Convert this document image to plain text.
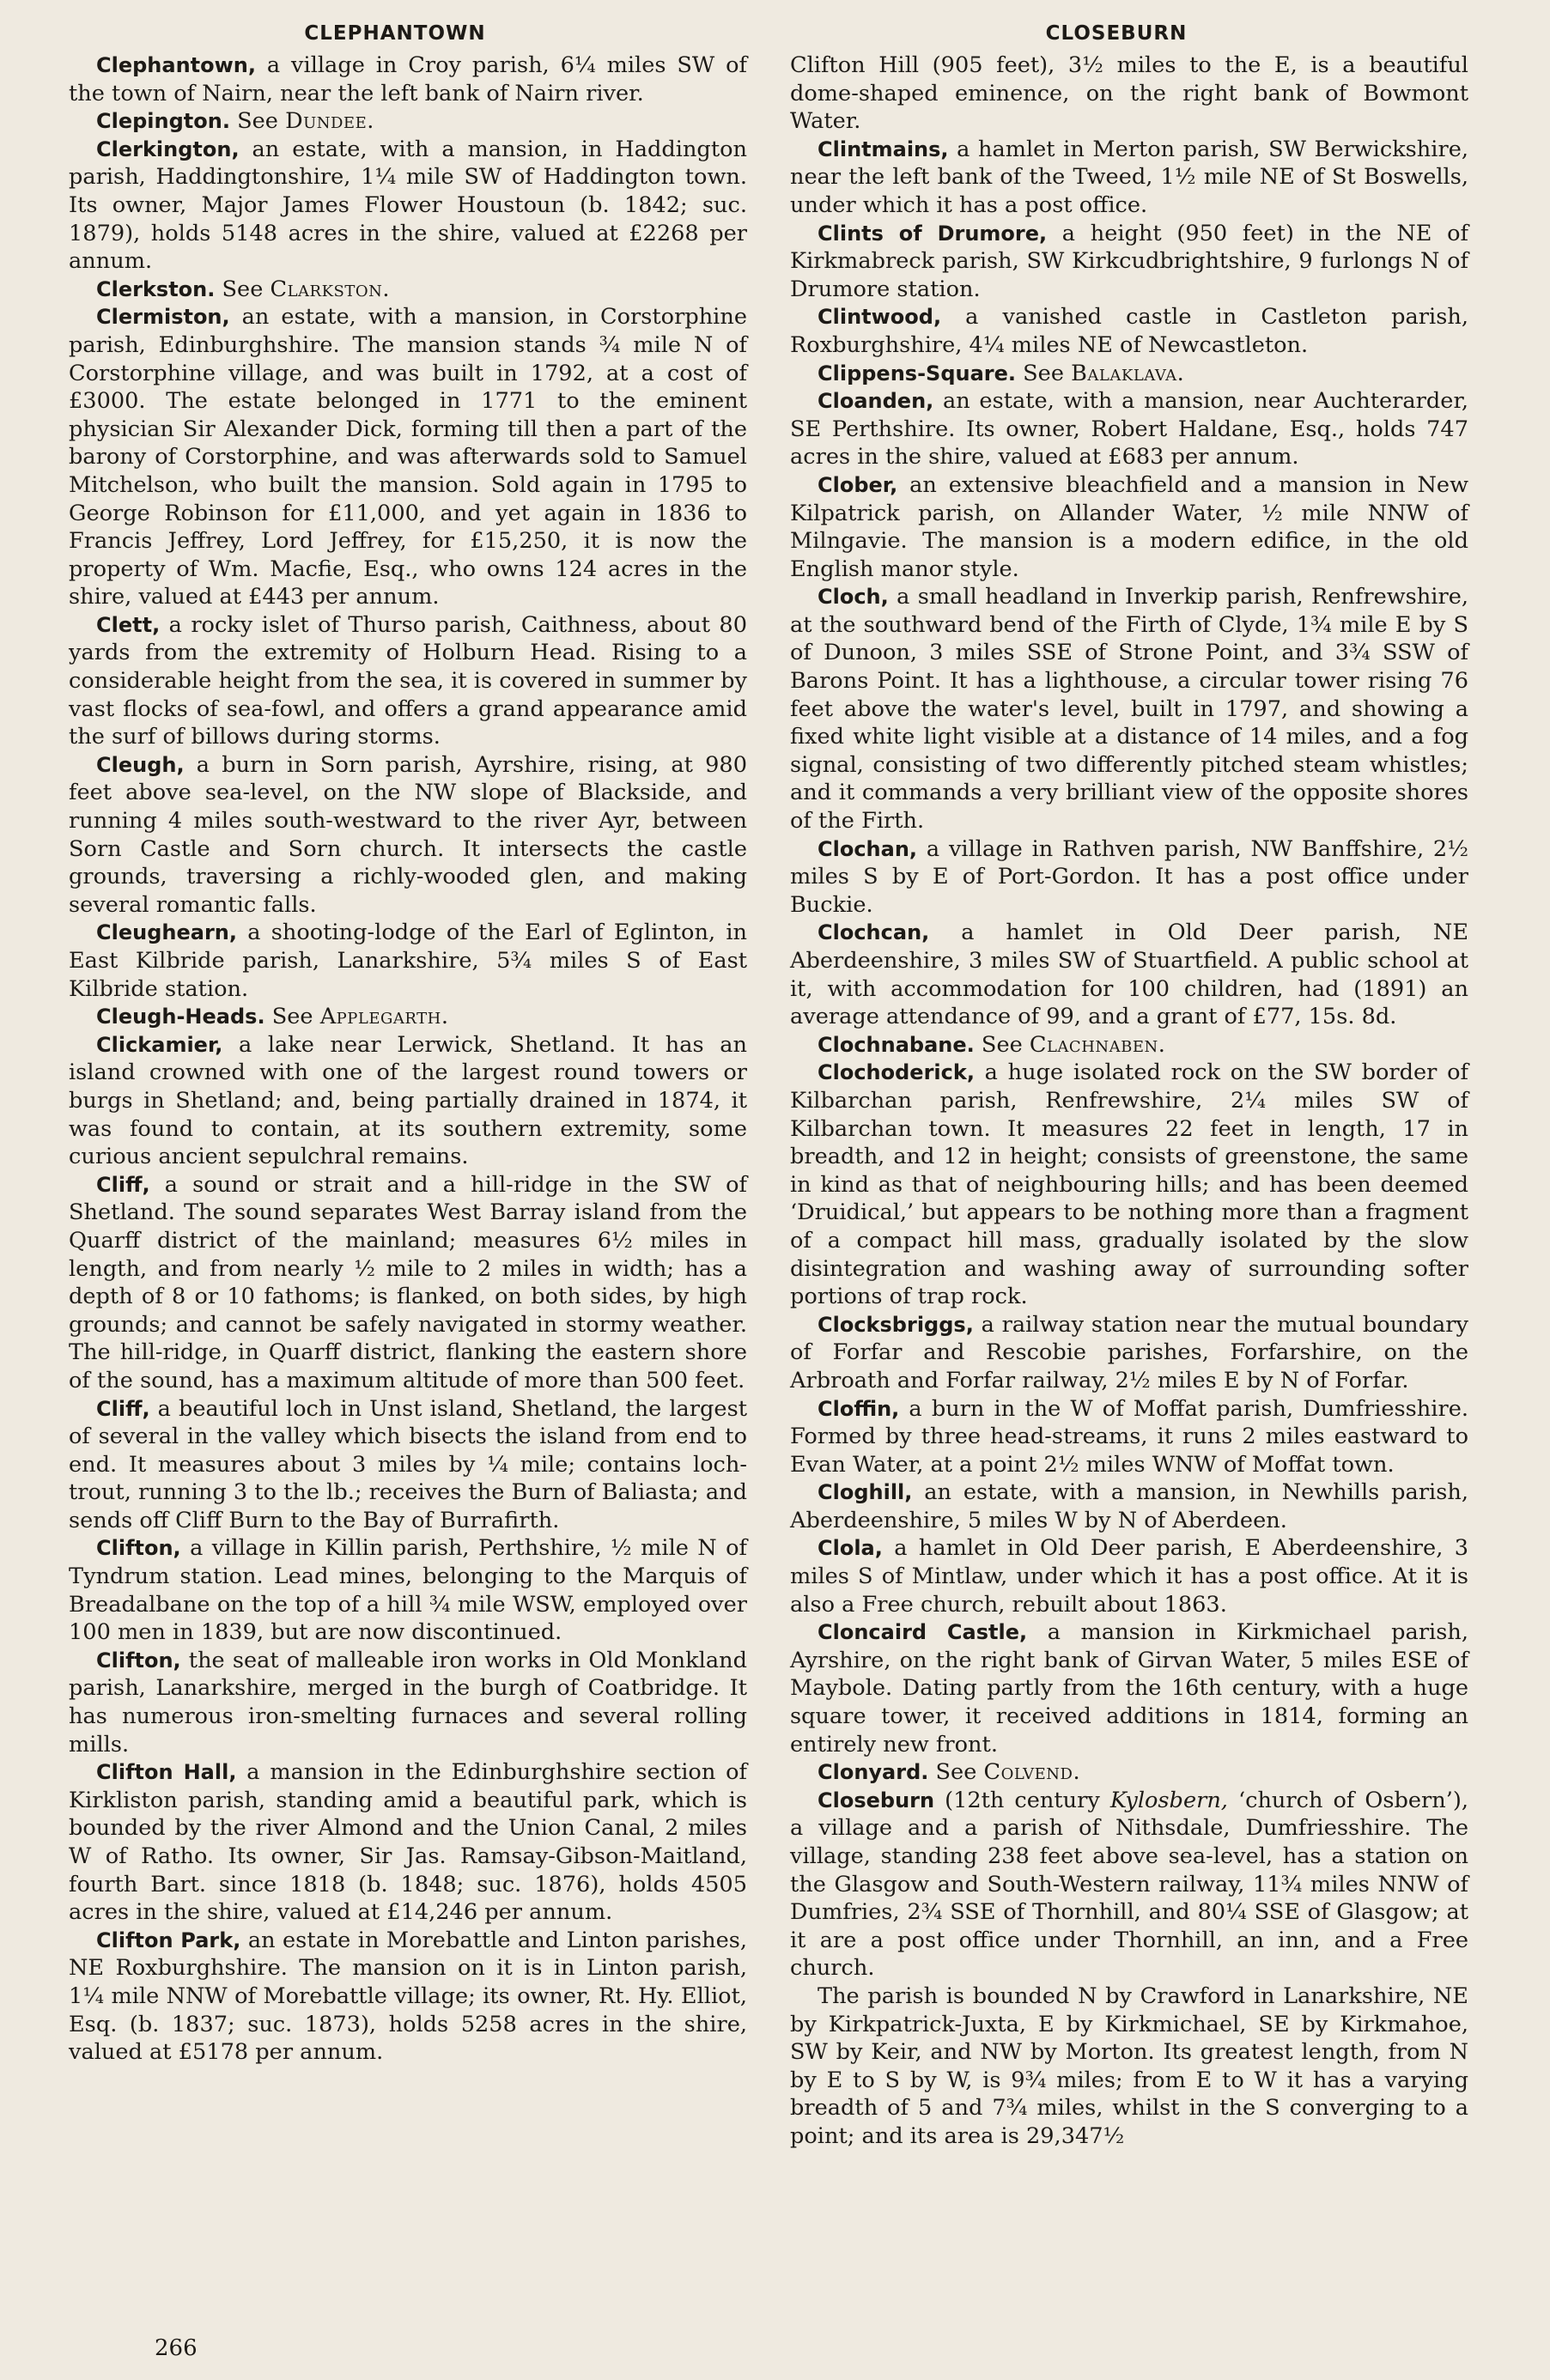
CLEPHANTOWN	CLOSEBURN

Clephantown, a village in Croy parish, 6¼ miles SW of the town of Nairn, near the left bank of Nairn river.

Clepington. See Dundee.

Clerkington, an estate, with a mansion, in Haddington parish, Haddingtonshire, 1¼ mile SW of Haddington town. Its owner, Major James Flower Houstoun (b. 1842; suc. 1879), holds 5148 acres in the shire, valued at £2268 per annum.

Clerkston. See Clarkston.

Clermiston, an estate, with a mansion, in Corstorphine parish, Edinburghshire. The mansion stands ¾ mile N of Corstorphine village, and was built in 1792, at a cost of £3000. The estate belonged in 1771 to the eminent physician Sir Alexander Dick, forming till then a part of the barony of Corstorphine, and was afterwards sold to Samuel Mitchelson, who built the mansion. Sold again in 1795 to George Robinson for £11,000, and yet again in 1836 to Francis Jeffrey, Lord Jeffrey, for £15,250, it is now the property of Wm. Macfie, Esq., who owns 124 acres in the shire, valued at £443 per annum.

Clett, a rocky islet of Thurso parish, Caithness, about 80 yards from the extremity of Holburn Head. Rising to a considerable height from the sea, it is covered in summer by vast flocks of sea-fowl, and offers a grand appearance amid the surf of billows during storms.

Cleugh, a burn in Sorn parish, Ayrshire, rising, at 980 feet above sea-level, on the NW slope of Blackside, and running 4 miles south-westward to the river Ayr, between Sorn Castle and Sorn church. It intersects the castle grounds, traversing a richly-wooded glen, and making several romantic falls.

Cleughearn, a shooting-lodge of the Earl of Eglinton, in East Kilbride parish, Lanarkshire, 5¾ miles S of East Kilbride station.

Cleugh-Heads. See Applegarth.

Clickamier, a lake near Lerwick, Shetland. It has an island crowned with one of the largest round towers or burgs in Shetland; and, being partially drained in 1874, it was found to contain, at its southern extremity, some curious ancient sepulchral remains.

Cliff, a sound or strait and a hill-ridge in the SW of Shetland. The sound separates West Barray island from the Quarff district of the mainland; measures 6½ miles in length, and from nearly ½ mile to 2 miles in width; has a depth of 8 or 10 fathoms; is flanked, on both sides, by high grounds; and cannot be safely navigated in stormy weather. The hill-ridge, in Quarff district, flanking the eastern shore of the sound, has a maximum altitude of more than 500 feet.

Cliff, a beautiful loch in Unst island, Shetland, the largest of several in the valley which bisects the island from end to end. It measures about 3 miles by ¼ mile; contains loch-trout, running 3 to the lb.; receives the Burn of Baliasta; and sends off Cliff Burn to the Bay of Burrafirth.

Clifton, a village in Killin parish, Perthshire, ½ mile N of Tyndrum station. Lead mines, belonging to the Marquis of Breadalbane on the top of a hill ¾ mile WSW, employed over 100 men in 1839, but are now discontinued.

Clifton, the seat of malleable iron works in Old Monkland parish, Lanarkshire, merged in the burgh of Coatbridge. It has numerous iron-smelting furnaces and several rolling mills.

Clifton Hall, a mansion in the Edinburghshire section of Kirkliston parish, standing amid a beautiful park, which is bounded by the river Almond and the Union Canal, 2 miles W of Ratho. Its owner, Sir Jas. Ramsay-Gibson-Maitland, fourth Bart. since 1818 (b. 1848; suc. 1876), holds 4505 acres in the shire, valued at £14,246 per annum.

Clifton Park, an estate in Morebattle and Linton parishes, NE Roxburghshire. The mansion on it is in Linton parish, 1¼ mile NNW of Morebattle village; its owner, Rt. Hy. Elliot, Esq. (b. 1837; suc. 1873), holds 5258 acres in the shire, valued at £5178 per annum.

Clifton Hill (905 feet), 3½ miles to the E, is a beautiful dome-shaped eminence, on the right bank of Bowmont Water.

Clintmains, a hamlet in Merton parish, SW Berwickshire, near the left bank of the Tweed, 1½ mile NE of St Boswells, under which it has a post office.

Clints of Drumore, a height (950 feet) in the NE of Kirkmabreck parish, SW Kirkcudbrightshire, 9 furlongs N of Drumore station.

Clintwood, a vanished castle in Castleton parish, Roxburghshire, 4¼ miles NE of Newcastleton.

Clippens-Square. See Balaklava.

Cloanden, an estate, with a mansion, near Auchterarder, SE Perthshire. Its owner, Robert Haldane, Esq., holds 747 acres in the shire, valued at £683 per annum.

Clober, an extensive bleachfield and a mansion in New Kilpatrick parish, on Allander Water, ½ mile NNW of Milngavie. The mansion is a modern edifice, in the old English manor style.

Cloch, a small headland in Inverkip parish, Renfrewshire, at the southward bend of the Firth of Clyde, 1¾ mile E by S of Dunoon, 3 miles SSE of Strone Point, and 3¾ SSW of Barons Point. It has a lighthouse, a circular tower rising 76 feet above the water's level, built in 1797, and showing a fixed white light visible at a distance of 14 miles, and a fog signal, consisting of two differently pitched steam whistles; and it commands a very brilliant view of the opposite shores of the Firth.

Clochan, a village in Rathven parish, NW Banffshire, 2½ miles S by E of Port-Gordon. It has a post office under Buckie.

Clochcan, a hamlet in Old Deer parish, NE Aberdeenshire, 3 miles SW of Stuartfield. A public school at it, with accommodation for 100 children, had (1891) an average attendance of 99, and a grant of £77, 15s. 8d.

Clochnabane. See Clachnaben.

Clochoderick, a huge isolated rock on the SW border of Kilbarchan parish, Renfrewshire, 2¼ miles SW of Kilbarchan town. It measures 22 feet in length, 17 in breadth, and 12 in height; consists of greenstone, the same in kind as that of neighbouring hills; and has been deemed ‘Druidical,’ but appears to be nothing more than a fragment of a compact hill mass, gradually isolated by the slow disintegration and washing away of surrounding softer portions of trap rock.

Clocksbriggs, a railway station near the mutual boundary of Forfar and Rescobie parishes, Forfarshire, on the Arbroath and Forfar railway, 2½ miles E by N of Forfar.

Cloffin, a burn in the W of Moffat parish, Dumfriesshire. Formed by three head-streams, it runs 2 miles eastward to Evan Water, at a point 2½ miles WNW of Moffat town.

Cloghill, an estate, with a mansion, in Newhills parish, Aberdeenshire, 5 miles W by N of Aberdeen.

Clola, a hamlet in Old Deer parish, E Aberdeenshire, 3 miles S of Mintlaw, under which it has a post office. At it is also a Free church, rebuilt about 1863.

Cloncaird Castle, a mansion in Kirkmichael parish, Ayrshire, on the right bank of Girvan Water, 5 miles ESE of Maybole. Dating partly from the 16th century, with a huge square tower, it received additions in 1814, forming an entirely new front.

Clonyard. See Colvend.

Closeburn (12th century Kylosbern, ‘church of Osbern’), a village and a parish of Nithsdale, Dumfriesshire. The village, standing 238 feet above sea-level, has a station on the Glasgow and South-Western railway, 11¾ miles NNW of Dumfries, 2¾ SSE of Thornhill, and 80¼ SSE of Glasgow; at it are a post office under Thornhill, an inn, and a Free church.

The parish is bounded N by Crawford in Lanarkshire, NE by Kirkpatrick-Juxta, E by Kirkmichael, SE by Kirkmahoe, SW by Keir, and NW by Morton. Its greatest length, from N by E to S by W, is 9¾ miles; from E to W it has a varying breadth of 5 and 7¾ miles, whilst in the S converging to a point; and its area is 29,347½

266
